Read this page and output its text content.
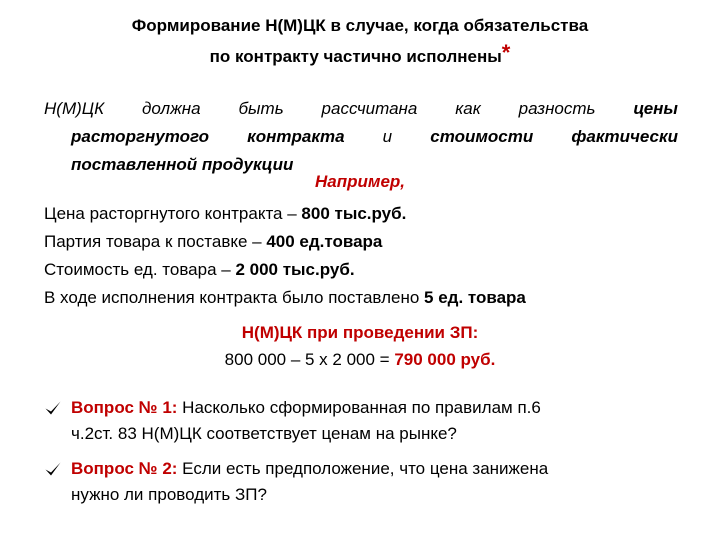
Формирование Н(М)ЦК в случае, когда обязательства
по контракту частично исполнены*
Н(М)ЦК должна быть рассчитана как разность цены
расторгнутого контракта и стоимости фактически
поставленной продукции
Например,
Цена расторгнутого контракта – 800 тыс.руб.
Партия товара к поставке – 400 ед.товара
Стоимость ед. товара – 2 000 тыс.руб.
В ходе исполнения контракта было поставлено 5 ед. товара
Н(М)ЦК при проведении ЗП:
800 000 – 5 х 2 000 = 790 000 руб.
Вопрос № 1: Насколько сформированная по правилам п.6
ч.2ст. 83 Н(М)ЦК соответствует ценам на рынке?
Вопрос № 2: Если есть предположение, что цена занижена
нужно ли проводить ЗП?
